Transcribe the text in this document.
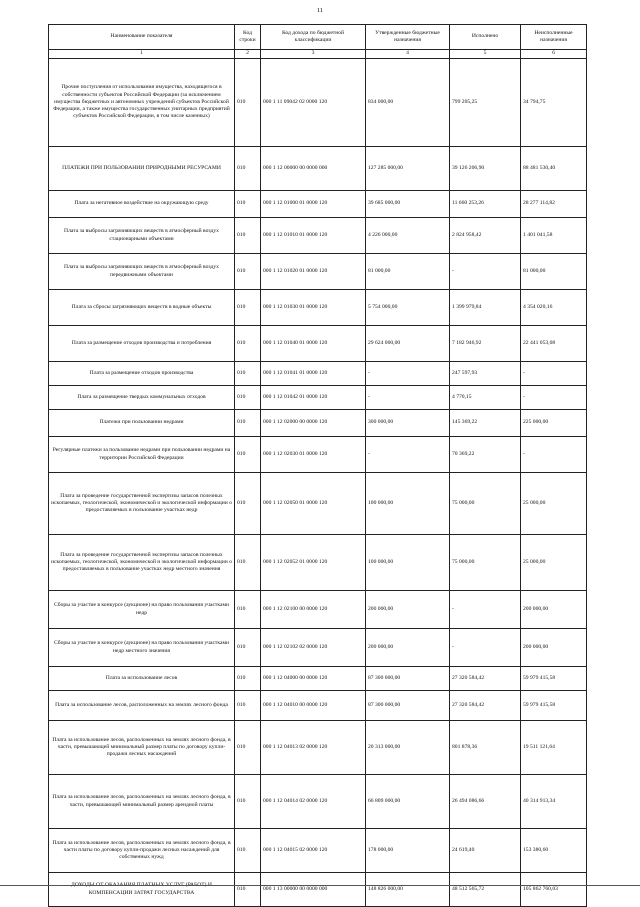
11
Наименование показателя	Код строки	Код дохода по бюджетной классификации	Утвержденные бюджетные назначения	Исполнено	Неисполненные назначения
1	2	3	4	5	6
Прочие поступления от использования имущества, находящегося в собственности субъектов Российской Федерации (за исключением имущества бюджетных и автономных учреждений субъектов Российской Федерации, а также имущества государственных унитарных предприятий субъектов Российской Федерации, в том числе казенных)	010	000 1 11 09042 02 0000 120	834 000,00	799 205,25	34 794,75
ПЛАТЕЖИ ПРИ ПОЛЬЗОВАНИИ ПРИРОДНЫМИ РЕСУРСАМИ	010	000 1 12 00000 00 0000 000	127 285 000,00	39 126 206,90	88 481 530,40
Плата за негативное воздействие на окружающую среду	010	000 1 12 01000 01 0000 120	39 685 000,00	11 660 253,26	28 277 114,82
Плата за выбросы загрязняющих веществ в атмосферный воздух стационарными объектами	010	000 1 12 01010 01 0000 120	4 226 000,00	2 824 958,42	1 401 041,58
Плата за выбросы загрязняющих веществ в атмосферный воздух передвижными объектами	010	000 1 12 01020 01 0000 120	81 000,00	-	81 000,00
Плата за сбросы загрязняющих веществ в водные объекты	010	000 1 12 01030 01 0000 120	5 754 000,00	1 399 979,84	4 354 020,16
Плата за размещение отходов производства и потребления	010	000 1 12 01040 01 0000 120	29 624 000,00	7 182 946,92	22 441 053,08
Плата за размещение отходов производства	010	000 1 12 01041 01 0000 120	-	247 597,93	-
Плата за размещение твердых коммунальных отходов	010	000 1 12 01042 01 0000 120	-	4 770,15	-
Платежи при пользовании недрами	010	000 1 12 02000 00 0000 120	300 000,00	145 369,22	225 000,00
Регулярные платежи за пользование недрами при пользовании недрами на территории Российской Федерации	010	000 1 12 02030 01 0000 120	-	70 369,22	-
Плата за проведение государственной экспертизы запасов полезных ископаемых, геологической, экономической и экологической информации о предоставляемых в пользование участках недр	010	000 1 12 02050 01 0000 120	100 000,00	75 000,00	25 000,00
Плата за проведение государственной экспертизы запасов полезных ископаемых, геологической, экономической и экологической информации о предоставляемых в пользование участках недр местного значения	010	000 1 12 02052 01 0000 120	100 000,00	75 000,00	25 000,00
Сборы за участие в конкурсе (аукционе) на право пользования участками недр	010	000 1 12 02100 00 0000 120	200 000,00	-	200 000,00
Сборы за участие в конкурсе (аукционе) на право пользования участками недр местного значения	010	000 1 12 02102 02 0000 120	200 000,00	-	200 000,00
Плата за использование лесов	010	000 1 12 04000 00 0000 120	87 300 000,00	27 320 584,42	59 979 415,58
Плата за использование лесов, расположенных на землях лесного фонда	010	000 1 12 04010 00 0000 120	87 300 000,00	27 320 584,42	59 979 415,58
Плата за использование лесов, расположенных на землях лесного фонда, в части, превышающей минимальный размер платы по договору купли-продажи лесных насаждений	010	000 1 12 04013 02 0000 120	20 313 000,00	801 878,36	19 511 121,64
Плата за использование лесов, расположенных на землях лесного фонда, в части, превышающей минимальный размер арендной платы	010	000 1 12 04014 02 0000 120	66 809 000,00	26 494 086,66	40 314 913,34
Плата за использование лесов, расположенных на землях лесного фонда, в части платы по договору купли-продажи лесных насаждений для собственных нужд	010	000 1 12 04015 02 0000 120	178 000,00	24 619,40	153 380,60
ДОХОДЫ ОТ ОКАЗАНИЯ ПЛАТНЫХ УСЛУГ (РАБОТ) И КОМПЕНСАЦИИ ЗАТРАТ ГОСУДАРСТВА	010	000 1 13 00000 00 0000 000	148 826 000,00	48 512 565,72	105 862 760,03
